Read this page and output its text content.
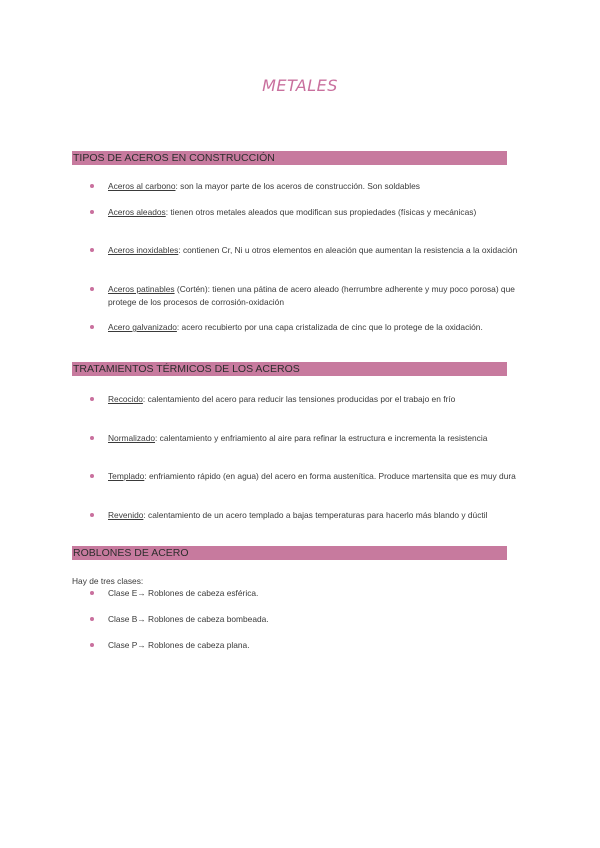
METALES
TIPOS DE ACEROS EN CONSTRUCCIÓN
Aceros al carbono: son la mayor parte de los aceros de construcción. Son soldables
Aceros aleados: tienen otros metales aleados que modifican sus propiedades (físicas y mecánicas)
Aceros inoxidables: contienen Cr, Ni u otros elementos en aleación que aumentan la resistencia a la oxidación
Aceros patinables (Cortén): tienen una pátina de acero aleado (herrumbre adherente y muy poco porosa) que protege de los procesos de corrosión-oxidación
Acero galvanizado: acero recubierto por una capa cristalizada de cinc que lo protege de la oxidación.
TRATAMIENTOS TÉRMICOS DE LOS ACEROS
Recocido: calentamiento del acero para reducir las tensiones producidas por el trabajo en frío
Normalizado: calentamiento y enfriamiento al aire para refinar la estructura e incrementa la resistencia
Templado: enfriamiento rápido (en agua) del acero en forma austenítica. Produce martensita que es muy dura
Revenido: calentamiento de un acero templado a bajas temperaturas para hacerlo más blando y dúctil
ROBLONES DE ACERO
Hay de tres clases:
Clase E→ Roblones de cabeza esférica.
Clase B→ Roblones de cabeza bombeada.
Clase P→ Roblones de cabeza plana.
